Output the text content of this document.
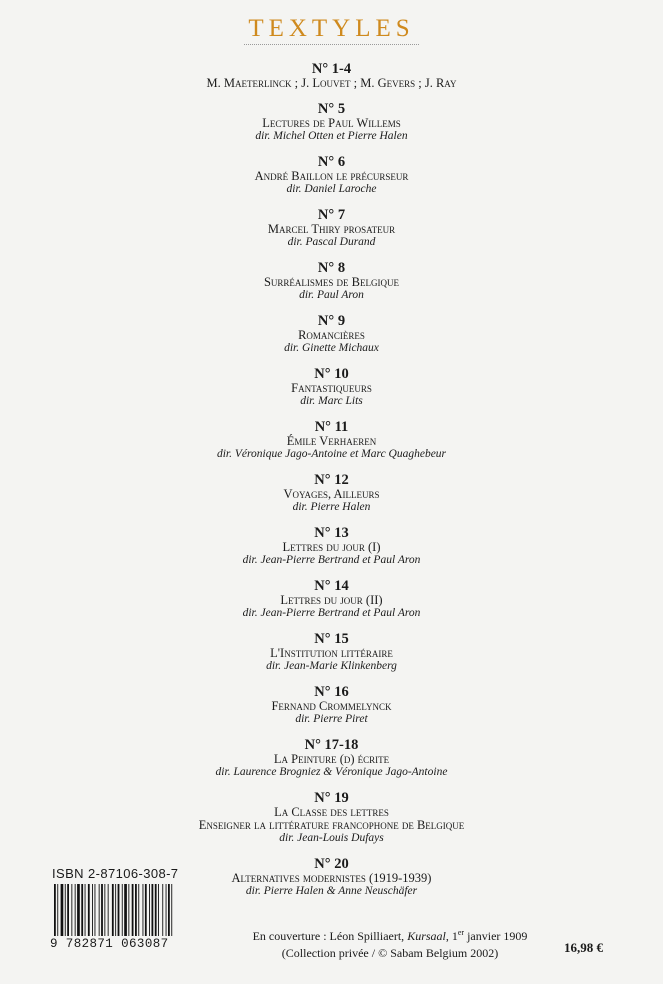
TEXTYLES
N° 1-4
M. Maeterlinck ; J. Louvet ; M. Gevers ; J. Ray
N° 5
Lectures de Paul Willems
dir. Michel Otten et Pierre Halen
N° 6
André Baillon le précurseur
dir. Daniel Laroche
N° 7
Marcel Thiry prosateur
dir. Pascal Durand
N° 8
Surréalismes de Belgique
dir. Paul Aron
N° 9
Romancières
dir. Ginette Michaux
N° 10
Fantastiqueurs
dir. Marc Lits
N° 11
Émile Verhaeren
dir. Véronique Jago-Antoine et Marc Quaghebeur
N° 12
Voyages, Ailleurs
dir. Pierre Halen
N° 13
Lettres du jour (I)
dir. Jean-Pierre Bertrand et Paul Aron
N° 14
Lettres du jour (II)
dir. Jean-Pierre Bertrand et Paul Aron
N° 15
L'Institution littéraire
dir. Jean-Marie Klinkenberg
N° 16
Fernand Crommelynck
dir. Pierre Piret
N° 17-18
La Peinture (d) écrite
dir. Laurence Brogniez & Véronique Jago-Antoine
N° 19
La Classe des lettres
Enseigner la littérature francophone de Belgique
dir. Jean-Louis Dufays
N° 20
Alternatives modernistes (1919-1939)
dir. Pierre Halen & Anne Neuschäfer
ISBN 2-87106-308-7
9 782871 063087
En couverture : Léon Spilliaert, Kursaal, 1er janvier 1909
(Collection privée / © Sabam Belgium 2002)	16,98 €
